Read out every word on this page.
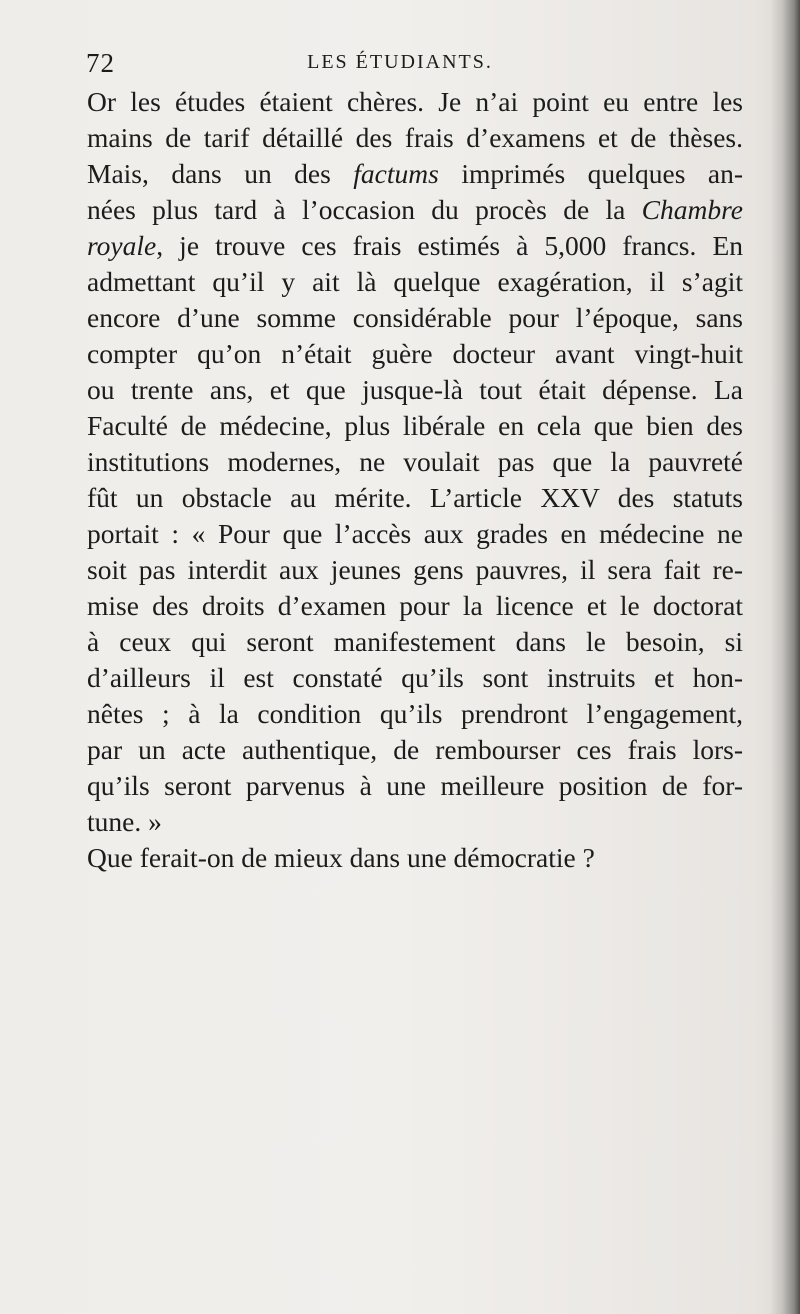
72	LES ÉTUDIANTS.
Or les études étaient chères. Je n’ai point eu entre les
mains de tarif détaillé des frais d’examens et de thèses.
Mais, dans un des factums imprimés quelques an-
nées plus tard à l’occasion du procès de la Chambre
royale, je trouve ces frais estimés à 5,000 francs. En
admettant qu’il y ait là quelque exagération, il s’agit
encore d’une somme considérable pour l’époque, sans
compter qu’on n’était guère docteur avant vingt-huit
ou trente ans, et que jusque-là tout était dépense. La
Faculté de médecine, plus libérale en cela que bien des
institutions modernes, ne voulait pas que la pauvreté
fût un obstacle au mérite. L’article XXV des statuts
portait : « Pour que l’accès aux grades en médecine ne
soit pas interdit aux jeunes gens pauvres, il sera fait re-
mise des droits d’examen pour la licence et le doctorat
à ceux qui seront manifestement dans le besoin, si
d’ailleurs il est constaté qu’ils sont instruits et hon-
nêtes ; à la condition qu’ils prendront l’engagement,
par un acte authentique, de rembourser ces frais lors-
qu’ils seront parvenus à une meilleure position de for-
tune. »
Que ferait-on de mieux dans une démocratie ?
